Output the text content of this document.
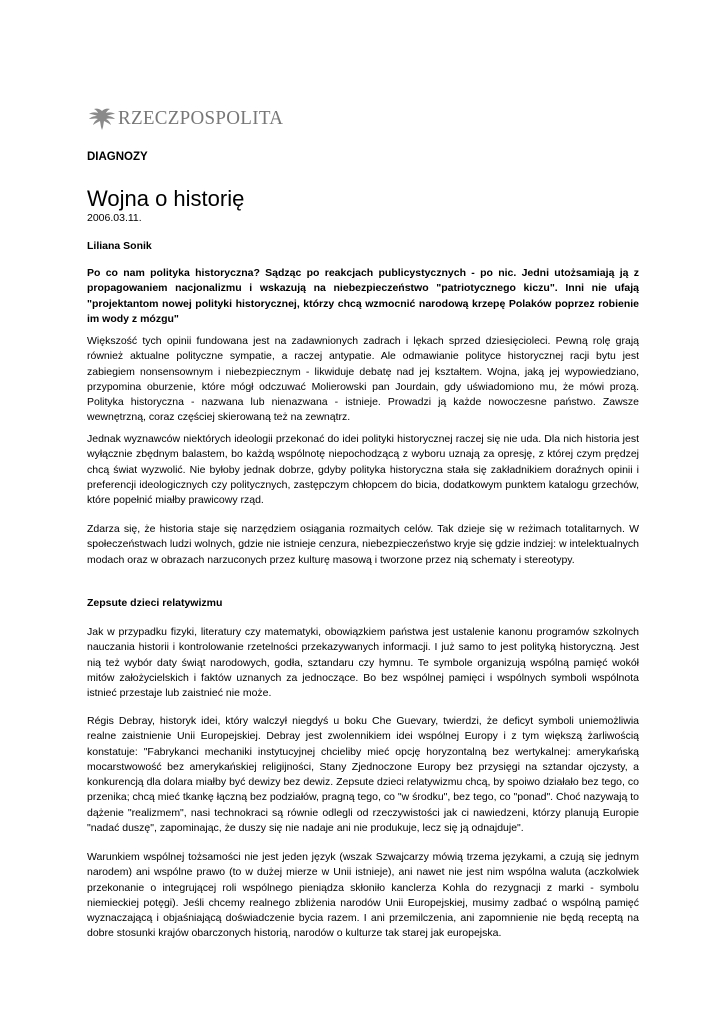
RZECZPOSPOLITA
DIAGNOZY
Wojna o historię
2006.03.11.
Liliana Sonik

Po co nam polityka historyczna? Sądząc po reakcjach publicystycznych - po nic. Jedni utożsamiają ją z propagowaniem nacjonalizmu i wskazują na niebezpieczeństwo "patriotycznego kiczu". Inni nie ufają "projektantom nowej polityki historycznej, którzy chcą wzmocnić narodową krzepę Polaków poprzez robienie im wody z mózgu"

Większość tych opinii fundowana jest na zadawnionych zadrach i lękach sprzed dziesięcioleci. Pewną rolę grają również aktualne polityczne sympatie, a raczej antypatie. Ale odmawianie polityce historycznej racji bytu jest zabiegiem nonsensownym i niebezpiecznym - likwiduje debatę nad jej kształtem. Wojna, jaką jej wypowiedziano, przypomina oburzenie, które mógł odczuwać Molierowski pan Jourdain, gdy uświadomiono mu, że mówi prozą. Polityka historyczna - nazwana lub nienazwana - istnieje. Prowadzi ją każde nowoczesne państwo. Zawsze wewnętrzną, coraz częściej skierowaną też na zewnątrz.

Jednak wyznawców niektórych ideologii przekonać do idei polityki historycznej raczej się nie uda. Dla nich historia jest wyłącznie zbędnym balastem, bo każdą wspólnotę niepochodzącą z wyboru uznają za opresję, z której czym prędzej chcą świat wyzwolić. Nie byłoby jednak dobrze, gdyby polityka historyczna stała się zakładnikiem doraźnych opinii i preferencji ideologicznych czy politycznych, zastępczym chłopcem do bicia, dodatkowym punktem katalogu grzechów, które popełnić miałby prawicowy rząd.

Zdarza się, że historia staje się narzędziem osiągania rozmaitych celów. Tak dzieje się w reżimach totalitarnych. W społeczeństwach ludzi wolnych, gdzie nie istnieje cenzura, niebezpieczeństwo kryje się gdzie indziej: w intelektualnych modach oraz w obrazach narzuconych przez kulturę masową i tworzone przez nią schematy i stereotypy.

Zepsute dzieci relatywizmu

Jak w przypadku fizyki, literatury czy matematyki, obowiązkiem państwa jest ustalenie kanonu programów szkolnych nauczania historii i kontrolowanie rzetelności przekazywanych informacji. I już samo to jest polityką historyczną. Jest nią też wybór daty świąt narodowych, godła, sztandaru czy hymnu. Te symbole organizują wspólną pamięć wokół mitów założycielskich i faktów uznanych za jednoczące. Bo bez wspólnej pamięci i wspólnych symboli wspólnota istnieć przestaje lub zaistnieć nie może.

Régis Debray, historyk idei, który walczył niegdyś u boku Che Guevary, twierdzi, że deficyt symboli uniemożliwia realne zaistnienie Unii Europejskiej. Debray jest zwolennikiem idei wspólnej Europy i z tym większą żarliwością konstatuje: "Fabrykanci mechaniki instytucyjnej chcieliby mieć opcję horyzontalną bez wertykalnej: amerykańską mocarstwowość bez amerykańskiej religijności, Stany Zjednoczone Europy bez przysięgi na sztandar ojczysty, a konkurencją dla dolara miałby być dewizy bez dewiz. Zepsute dzieci relatywizmu chcą, by spoiwo działało bez tego, co przenika; chcą mieć tkankę łączną bez podziałów, pragną tego, co "w środku", bez tego, co "ponad". Choć nazywają to dążenie "realizmem", nasi technokraci są równie odlegli od rzeczywistości jak ci nawiedzeni, którzy planują Europie "nadać duszę", zapominając, że duszy się nie nadaje ani nie produkuje, lecz się ją odnajduje".

Warunkiem wspólnej tożsamości nie jest jeden język (wszak Szwajcarzy mówią trzema językami, a czują się jednym narodem) ani wspólne prawo (to w dużej mierze w Unii istnieje), ani nawet nie jest nim wspólna waluta (aczkolwiek przekonanie o integrującej roli wspólnego pieniądza skłoniło kanclerza Kohla do rezygnacji z marki - symbolu niemieckiej potęgi). Jeśli chcemy realnego zbliżenia narodów Unii Europejskiej, musimy zadbać o wspólną pamięć wyznaczającą i objaśniającą doświadczenie bycia razem. I ani przemilczenia, ani zapomnienie nie będą receptą na dobre stosunki krajów obarczonych historią, narodów o kulturze tak starej jak europejska.
